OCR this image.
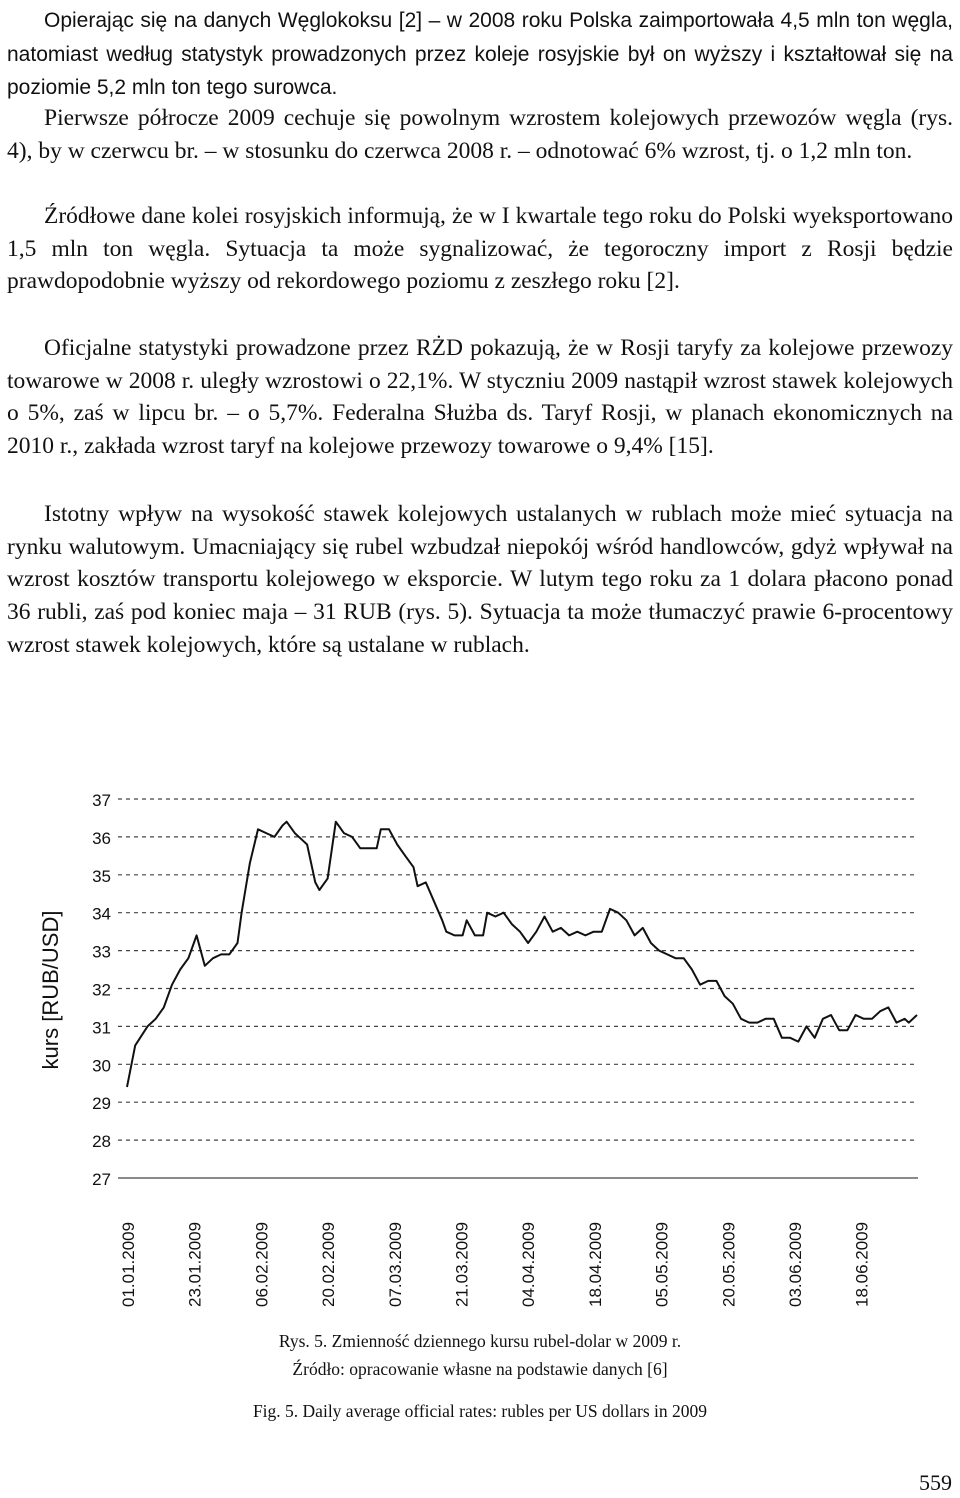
Opierając się na danych Węglokoksu [2] – w 2008 roku Polska zaimportowała 4,5 mln ton węgla, natomiast według statystyk prowadzonych przez koleje rosyjskie był on wyższy i kształtował się na poziomie 5,2 mln ton tego surowca.

Pierwsze półrocze 2009 cechuje się powolnym wzrostem kolejowych przewozów węgla (rys. 4), by w czerwcu br. – w stosunku do czerwca 2008 r. – odnotować 6% wzrost, tj. o 1,2 mln ton.

Źródłowe dane kolei rosyjskich informują, że w I kwartale tego roku do Polski wyeksportowano 1,5 mln ton węgla. Sytuacja ta może sygnalizować, że tegoroczny import z Rosji będzie prawdopodobnie wyższy od rekordowego poziomu z zeszłego roku [2].

Oficjalne statystyki prowadzone przez RŻD pokazują, że w Rosji taryfy za kolejowe przewozy towarowe w 2008 r. uległy wzrostowi o 22,1%. W styczniu 2009 nastąpił wzrost stawek kolejowych o 5%, zaś w lipcu br. – o 5,7%. Federalna Służba ds. Taryf Rosji, w planach ekonomicznych na 2010 r., zakłada wzrost taryf na kolejowe przewozy towarowe o 9,4% [15].

Istotny wpływ na wysokość stawek kolejowych ustalanych w rublach może mieć sytuacja na rynku walutowym. Umacniający się rubel wzbudzał niepokój wśród handlowców, gdyż wpływał na wzrost kosztów transportu kolejowego w eksporcie. W lutym tego roku za 1 dolara płacono ponad 36 rubli, zaś pod koniec maja – 31 RUB (rys. 5). Sytuacja ta może tłumaczyć prawie 6-procentowy wzrost stawek kolejowych, które są ustalane w rublach.

27
28
29
30
31
32
33
34
35
36
37
01.01.2009	23.01.2009	06.02.2009	20.02.2009	07.03.2009	21.03.2009	04.04.2009	18.04.2009	05.05.2009	20.05.2009	03.06.2009	18.06.2009
kurs [RUB/USD]

Rys. 5. Zmienność dziennego kursu rubel-dolar w 2009 r.

Źródło: opracowanie własne na podstawie danych [6]

Fig. 5. Daily average official rates: rubles per US dollars in 2009

559
